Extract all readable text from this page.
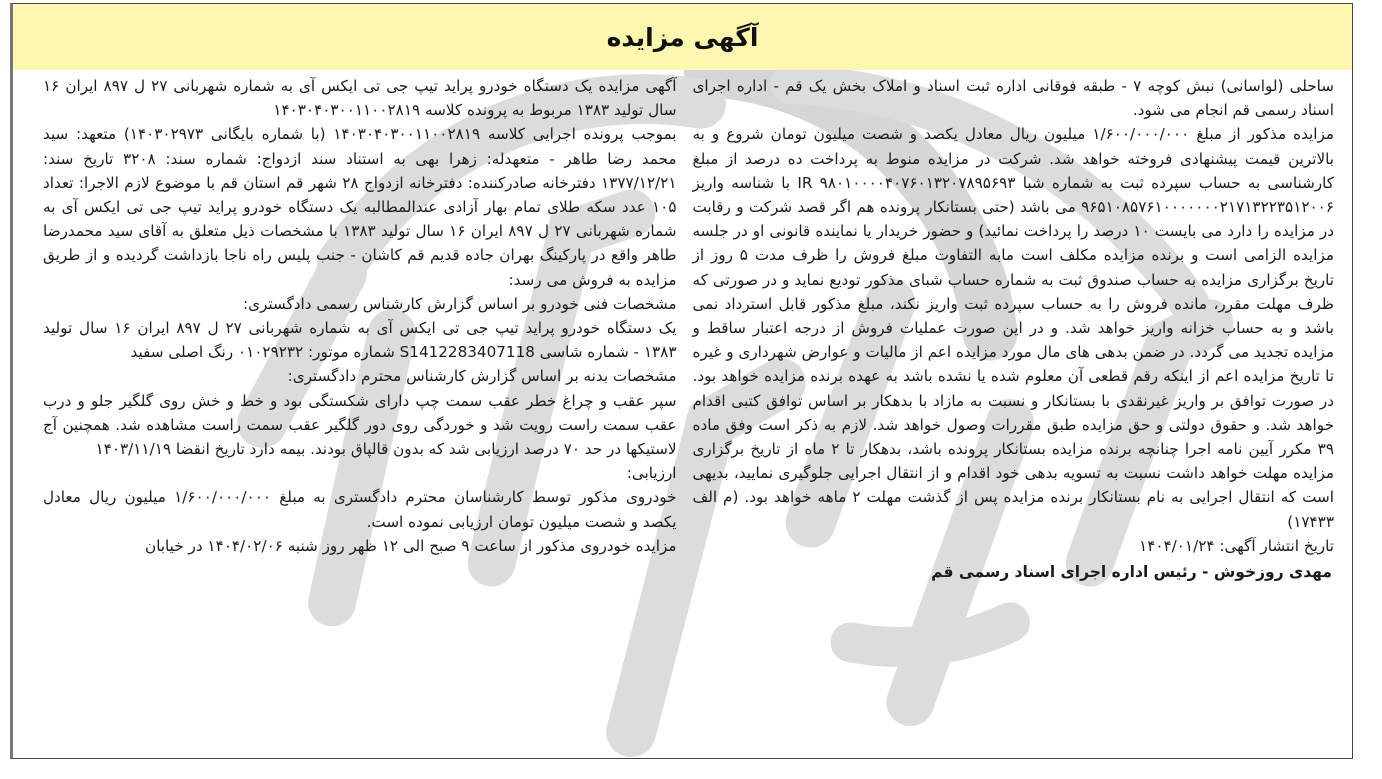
آگهی مزایده

آگهی مزایده یک دستگاه خودرو پراید تیپ جی تی ایکس آی به شماره شهربانی ۲۷ ل ۸۹۷ ایران ۱۶ سال تولید ۱۳۸۳ مربوط به پرونده کلاسه ۱۴۰۳۰۴۰۳۰۰۱۱۰۰۲۸۱۹

بموجب پرونده اجرایی کلاسه ۱۴۰۳۰۴۰۳۰۰۱۱۰۰۲۸۱۹ (با شماره بایگانی ۱۴۰۳۰۲۹۷۳) متعهد: سید محمد رضا طاهر - متعهدله: زهرا بهی به استناد سند ازدواج: شماره سند: ۳۲۰۸ تاریخ سند: ۱۳۷۷/۱۲/۲۱ دفترخانه صادرکننده: دفترخانه ازدواج ۲۸ شهر قم استان قم با موضوع لازم الاجرا: تعداد ۱۰۵ عدد سکه طلای تمام بهار آزادی عندالمطالبه یک دستگاه خودرو پراید تیپ جی تی ایکس آی به شماره شهربانی ۲۷ ل ۸۹۷ ایران ۱۶ سال تولید ۱۳۸۳ با مشخصات ذیل متعلق به آقای سید محمدرضا طاهر واقع در پارکینگ بهران جاده قدیم قم کاشان - جنب پلیس راه ناجا بازداشت گردیده و از طریق مزایده به فروش می رسد:

مشخصات فنی خودرو بر اساس گزارش کارشناس رسمی دادگستری:

یک دستگاه خودرو پراید تیپ جی تی ایکس آی به شماره شهربانی ۲۷ ل ۸۹۷ ایران ۱۶ سال تولید ۱۳۸۳ - شماره شاسی S1412283407118 شماره موتور: ۰۱۰۲۹۲۳۲ رنگ اصلی سفید

مشخصات بدنه بر اساس گزارش کارشناس محترم دادگستری:

سپر عقب و چراغ خطر عقب سمت چپ دارای شکستگی بود و خط و خش روی گلگیر جلو و درب عقب سمت راست رویت شد و خوردگی روی دور گلگیر عقب سمت راست مشاهده شد. همچنین آج لاستیکها در حد ۷۰ درصد ارزیابی شد که بدون قالپاق بودند. بیمه دارد تاریخ انقضا ۱۴۰۳/۱۱/۱۹

ارزیابی:

خودروی مذکور توسط کارشناسان محترم دادگستری به مبلغ ۱/۶۰۰/۰۰۰/۰۰۰ میلیون ریال معادل یکصد و شصت میلیون تومان ارزیابی نموده است.

مزایده خودروی مذکور از ساعت ۹ صبح الی ۱۲ ظهر روز شنبه ۱۴۰۴/۰۲/۰۶ در خیابان

ساحلی (لواسانی) نبش کوچه ۷ - طبقه فوقانی اداره ثبت اسناد و املاک بخش یک قم - اداره اجرای اسناد رسمی قم انجام می شود.

مزایده مذکور از مبلغ ۱/۶۰۰/۰۰۰/۰۰۰ میلیون ریال معادل یکصد و شصت میلیون تومان شروع و به بالاترین قیمت پیشنهادی فروخته خواهد شد. شرکت در مزایده منوط به پرداخت ده درصد از مبلغ کارشناسی به حساب سپرده ثبت به شماره شبا IR ۹۸۰۱۰۰۰۰۴۰۷۶۰۱۳۲۰۷۸۹۵۶۹۳ با شناسه واریز ۹۶۵۱۰۸۵۷۶۱۰۰۰۰۰۰۰۲۱۷۱۳۲۲۳۵۱۲۰۰۶ می باشد (حتی بستانکار پرونده هم اگر قصد شرکت و رقابت در مزایده را دارد می بایست ۱۰ درصد را پرداخت نمائید) و حضور خریدار یا نماینده قانونی او در جلسه مزایده الزامی است و برنده مزایده مکلف است مابه التفاوت مبلغ فروش را ظرف مدت ۵ روز از تاریخ برگزاری مزایده به حساب صندوق ثبت به شماره حساب شبای مذکور تودیع نماید و در صورتی که ظرف مهلت مقرر، مانده فروش را به حساب سپرده ثبت واریز نکند، مبلغ مذکور قابل استرداد نمی باشد و به حساب خزانه واریز خواهد شد. و در این صورت عملیات فروش از درجه اعتبار ساقط و مزایده تجدید می گردد. در ضمن بدهی های مال مورد مزایده اعم از مالیات و عوارض شهرداری و غیره تا تاریخ مزایده اعم از اینکه رقم قطعی آن معلوم شده یا نشده باشد به عهده برنده مزایده خواهد بود. در صورت توافق بر واریز غیرنقدی با بستانکار و نسبت به مازاد با بدهکار بر اساس توافق کتبی اقدام خواهد شد. و حقوق دولتی و حق مزایده طبق مقررات وصول خواهد شد. لازم به ذکر است وفق ماده ۳۹ مکرر آیین نامه اجرا چنانچه برنده مزایده بستانکار پرونده باشد، بدهکار تا ۲ ماه از تاریخ برگزاری مزایده مهلت خواهد داشت نسبت به تسویه بدهی خود اقدام و از انتقال اجرایی جلوگیری نمایید، بدیهی است که انتقال اجرایی به نام بستانکار برنده مزایده پس از گذشت مهلت ۲ ماهه خواهد بود. (م الف ۱۷۴۳۳)

تاریخ انتشار آگهی: ۱۴۰۴/۰۱/۲۴

مهدی روزخوش - رئیس اداره اجرای اسناد رسمی قم
